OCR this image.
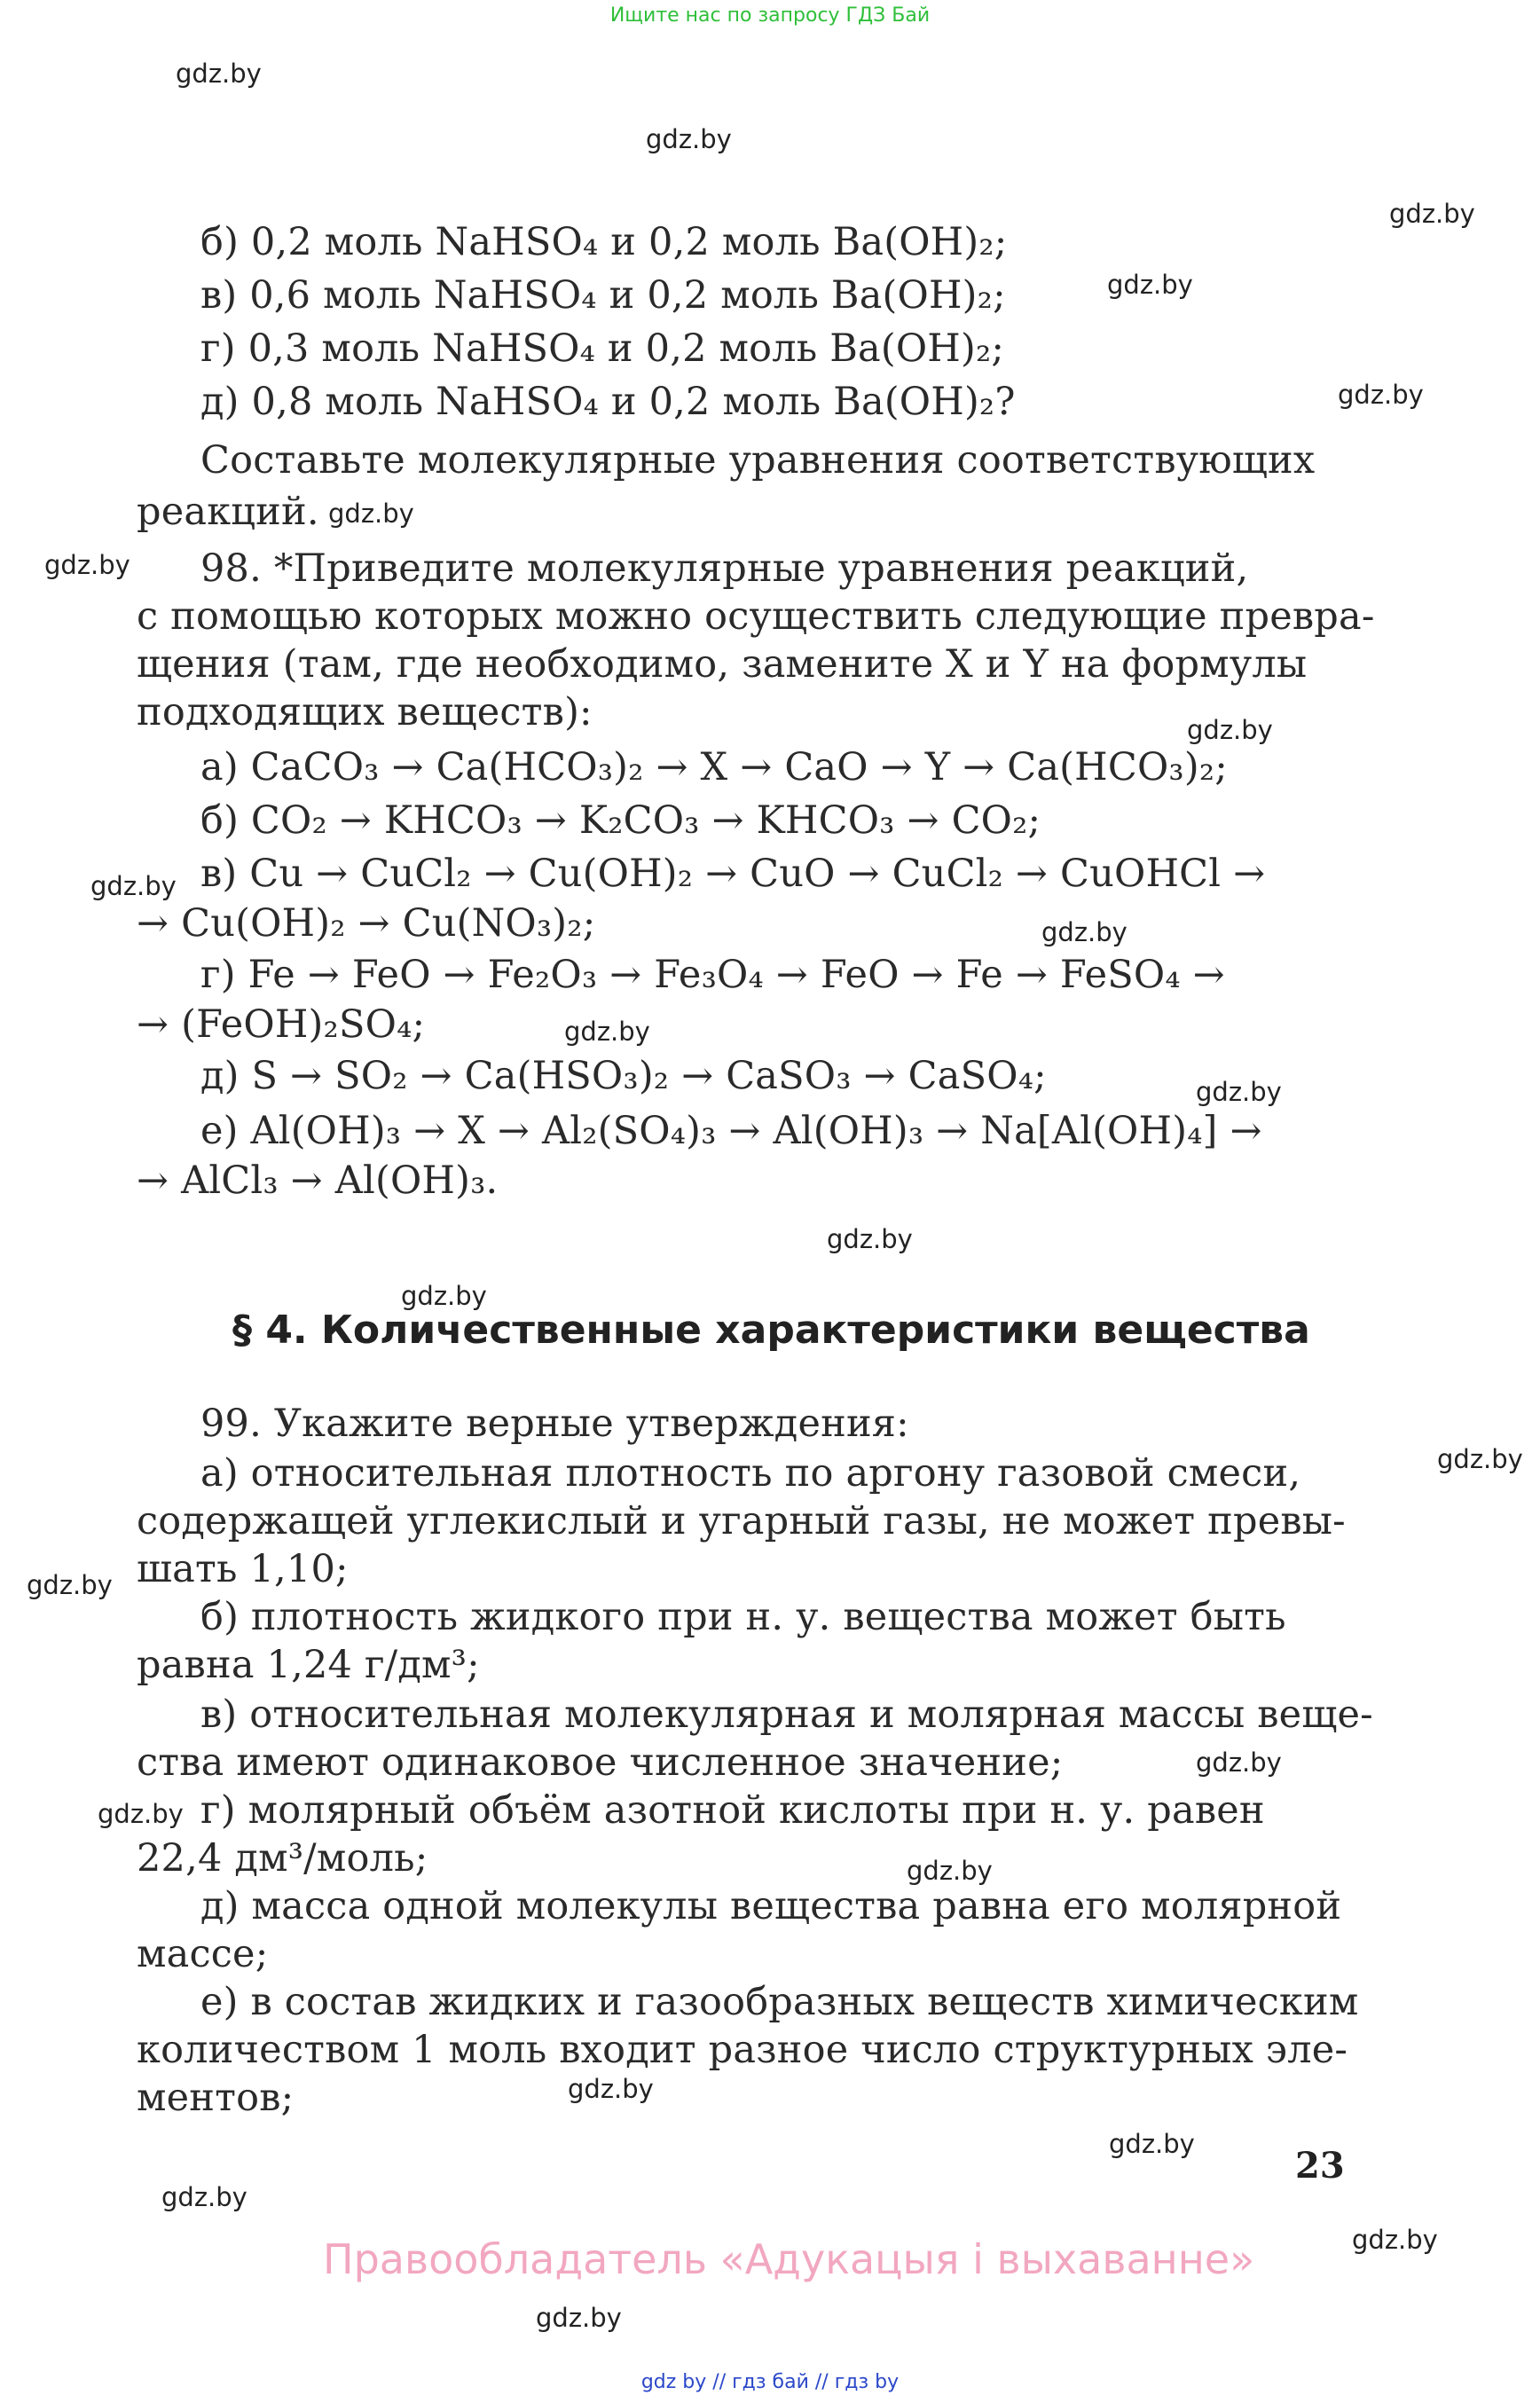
Ищите нас по запросу ГДЗ Бай
gdz.by
gdz.by
gdz.by
gdz.by
gdz.by
gdz.by
gdz.by
gdz.by
gdz.by
gdz.by
gdz.by
gdz.by
gdz.by
gdz.by
gdz.by
gdz.by
gdz.by
gdz.by
gdz.by
gdz.by
gdz.by
gdz.by
gdz.by
gdz.by
б) 0,2 моль NaHSO₄ и 0,2 моль Ba(OH)₂;
в) 0,6 моль NaHSO₄ и 0,2 моль Ba(OH)₂;
г) 0,3 моль NaHSO₄ и 0,2 моль Ba(OH)₂;
д) 0,8 моль NaHSO₄ и 0,2 моль Ba(OH)₂?
Составьте молекулярные уравнения соответствующих
реакций.
98. *Приведите молекулярные уравнения реакций,
с помощью которых можно осуществить следующие превра-
щения (там, где необходимо, замените X и Y на формулы
подходящих веществ):
а) CaCO₃ → Ca(HCO₃)₂ → X → CaO → Y → Ca(HCO₃)₂;
б) CO₂ → KHCO₃ → K₂CO₃ → KHCO₃ → CO₂;
в) Cu → CuCl₂ → Cu(OH)₂ → CuO → CuCl₂ → CuOHCl →
→ Cu(OH)₂ → Cu(NO₃)₂;
г) Fe → FeO → Fe₂O₃ → Fe₃O₄ → FeO → Fe → FeSO₄ →
→ (FeOH)₂SO₄;
д) S → SO₂ → Ca(HSO₃)₂ → CaSO₃ → CaSO₄;
е) Al(OH)₃ → X → Al₂(SO₄)₃ → Al(OH)₃ → Na[Al(OH)₄] →
→ AlCl₃ → Al(OH)₃.
§ 4. Количественные характеристики вещества
99. Укажите верные утверждения:
а) относительная плотность по аргону газовой смеси,
содержащей углекислый и угарный газы, не может превы-
шать 1,10;
б) плотность жидкого при н. у. вещества может быть
равна 1,24 г/дм³;
в) относительная молекулярная и молярная массы веще-
ства имеют одинаковое численное значение;
г) молярный объём азотной кислоты при н. у. равен
22,4 дм³/моль;
д) масса одной молекулы вещества равна его молярной
массе;
е) в состав жидких и газообразных веществ химическим
количеством 1 моль входит разное число структурных эле-
ментов;
23
Правообладатель «Адукацыя і выхаванне»
gdz by // гдз бай // гдз by
